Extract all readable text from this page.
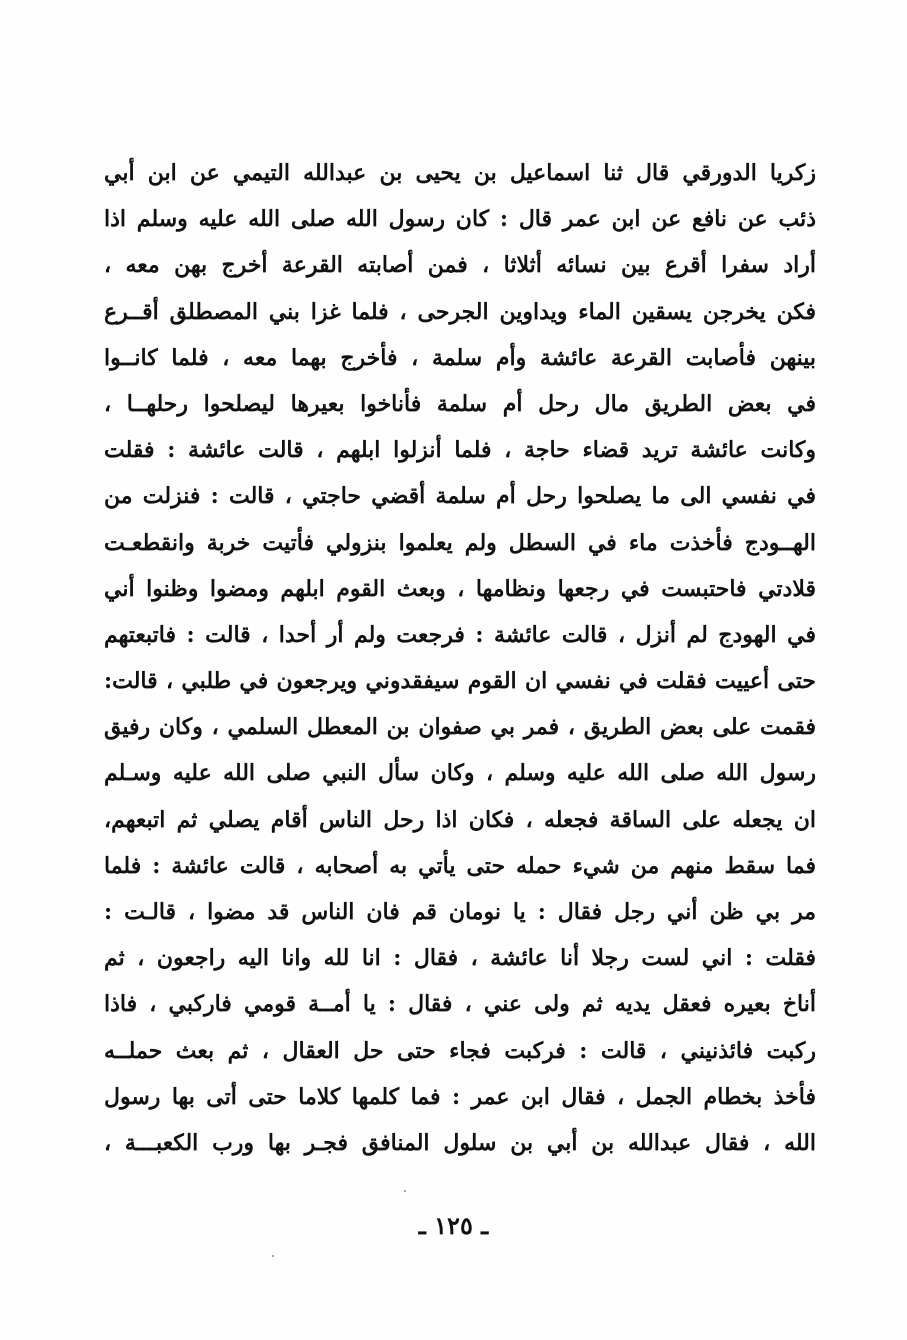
زكريا الدورقي قال ثنا اسماعيل بن يحيى بن عبدالله التيمي عن ابن أبي
ذئب عن نافع عن ابن عمر قال : كان رسول الله صلى الله عليه وسلم اذا
أراد سفرا أقرع بين نسائه أثلاثا ، فمن أصابته القرعة أخرج بهن معه ،
فكن يخرجن يسقين الماء ويداوين الجرحى ، فلما غزا بني المصطلق أقــرع
بينهن فأصابت القرعة عائشة وأم سلمة ، فأخرج بهما معه ، فلما كانــوا
في بعض الطريق مال رحل أم سلمة فأناخوا بعيرها ليصلحوا رحلهــا ،
وكانت عائشة تريد قضاء حاجة ، فلما أنزلوا ابلهم ، قالت عائشة : فقلت
في نفسي الى ما يصلحوا رحل أم سلمة أقضي حاجتي ، قالت : فنزلت من
الهــودج فأخذت ماء في السطل ولم يعلموا بنزولي فأتيت خربة وانقطعـت
قلادتي فاحتبست في رجعها ونظامها ، وبعث القوم ابلهم ومضوا وظنوا أني
في الهودج لم أنزل ، قالت عائشة : فرجعت ولم أر أحدا ، قالت : فاتبعتهم
حتى أعييت فقلت في نفسي ان القوم سيفقدوني ويرجعون في طلبي ، قالت:
فقمت على بعض الطريق ، فمر بي صفوان بن المعطل السلمي ، وكان رفيق
رسول الله صلى الله عليه وسلم ، وكان سأل النبي صلى الله عليه وسـلم
ان يجعله على الساقة فجعله ، فكان اذا رحل الناس أقام يصلي ثم اتبعهم،
فما سقط منهم من شيء حمله حتى يأتي به أصحابه ، قالت عائشة : فلما
مر بي ظن أني رجل فقال : يا نومان قم فان الناس قد مضوا ، قالـت :
فقلت : اني لست رجلا أنا عائشة ، فقال : انا لله وانا اليه راجعون ، ثم
أناخ بعيره فعقل يديه ثم ولى عني ، فقال : يا أمــة قومي فاركبي ، فاذا
ركبت فائذنيني ، قالت : فركبت فجاء حتى حل العقال ، ثم بعث حملــه
فأخذ بخطام الجمل ، فقال ابن عمر : فما كلمها كلاما حتى أتى بها رسول
الله ، فقال عبدالله بن أبي بن سلول المنافق فجـر بها ورب الكعبـــة ،
ـ ١٢٥ ـ
